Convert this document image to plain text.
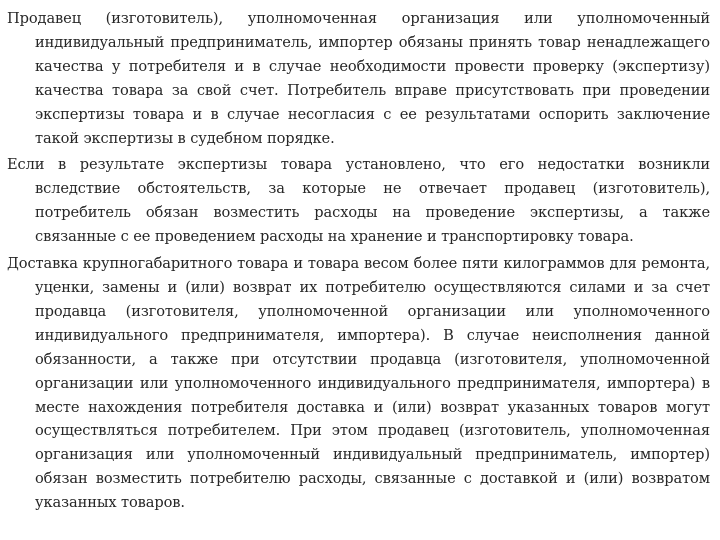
Продавец (изготовитель), уполномоченная организация или уполномоченный индивидуальный предприниматель, импортер обязаны принять товар ненадлежащего качества у потребителя и в случае необходимости провести проверку (экспертизу) качества товара за свой счет. Потребитель вправе присутствовать при проведении экспертизы товара и в случае несогласия с ее результатами оспорить заключение такой экспертизы в судебном порядке.

Если в результате экспертизы товара установлено, что его недостатки возникли вследствие обстоятельств, за которые не отвечает продавец (изготовитель), потребитель обязан возместить расходы на проведение экспертизы, а также связанные с ее проведением расходы на хранение и транспортировку товара.

Доставка крупногабаритного товара и товара весом более пяти килограммов для ремонта, уценки, замены и (или) возврат их потребителю осуществляются силами и за счет продавца (изготовителя, уполномоченной организации или уполномоченного индивидуального предпринимателя, импортера). В случае неисполнения данной обязанности, а также при отсутствии продавца (изготовителя, уполномоченной организации или уполномоченного индивидуального предпринимателя, импортера) в месте нахождения потребителя доставка и (или) возврат указанных товаров могут осуществляться потребителем. При этом продавец (изготовитель, уполномоченная организация или уполномоченный индивидуальный предприниматель, импортер) обязан возместить потребителю расходы, связанные с доставкой и (или) возвратом указанных товаров.
